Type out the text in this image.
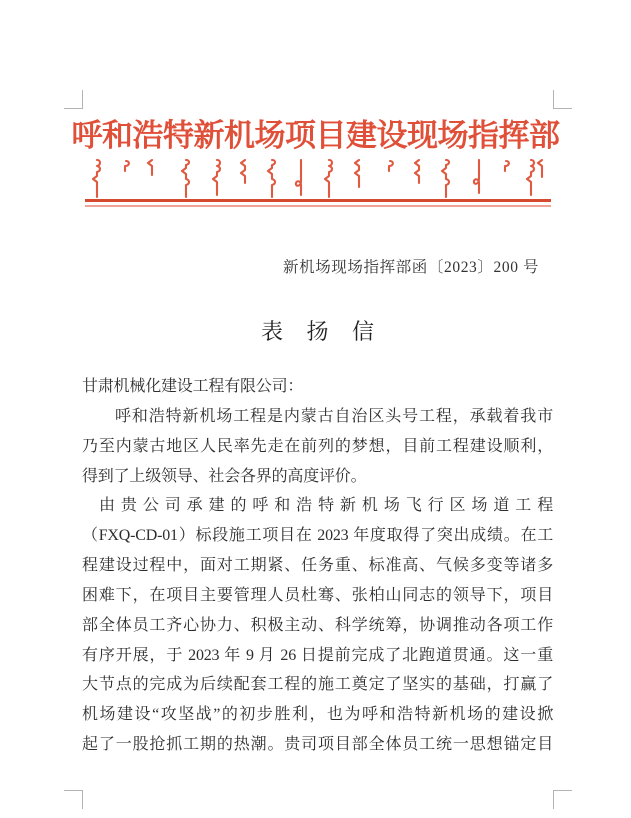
呼和浩特新机场项目建设现场指挥部
新机场现场指挥部函〔2023〕200 号
表 扬 信
甘肃机械化建设工程有限公司：
呼和浩特新机场工程是内蒙古自治区头号工程，承载着我市
乃至内蒙古地区人民率先走在前列的梦想，目前工程建设顺利，
得到了上级领导、社会各界的高度评价。
由贵公司承建的呼和浩特新机场飞行区场道工程
（FXQ-CD-01）标段施工项目在 2023 年度取得了突出成绩。在工
程建设过程中，面对工期紧、任务重、标准高、气候多变等诸多
困难下，在项目主要管理人员杜骞、张柏山同志的领导下，项目
部全体员工齐心协力、积极主动、科学统筹，协调推动各项工作
有序开展，于 2023 年 9 月 26 日提前完成了北跑道贯通。这一重
大节点的完成为后续配套工程的施工奠定了坚实的基础，打赢了
机场建设“攻坚战”的初步胜利，也为呼和浩特新机场的建设掀
起了一股抢抓工期的热潮。贵司项目部全体员工统一思想锚定目
